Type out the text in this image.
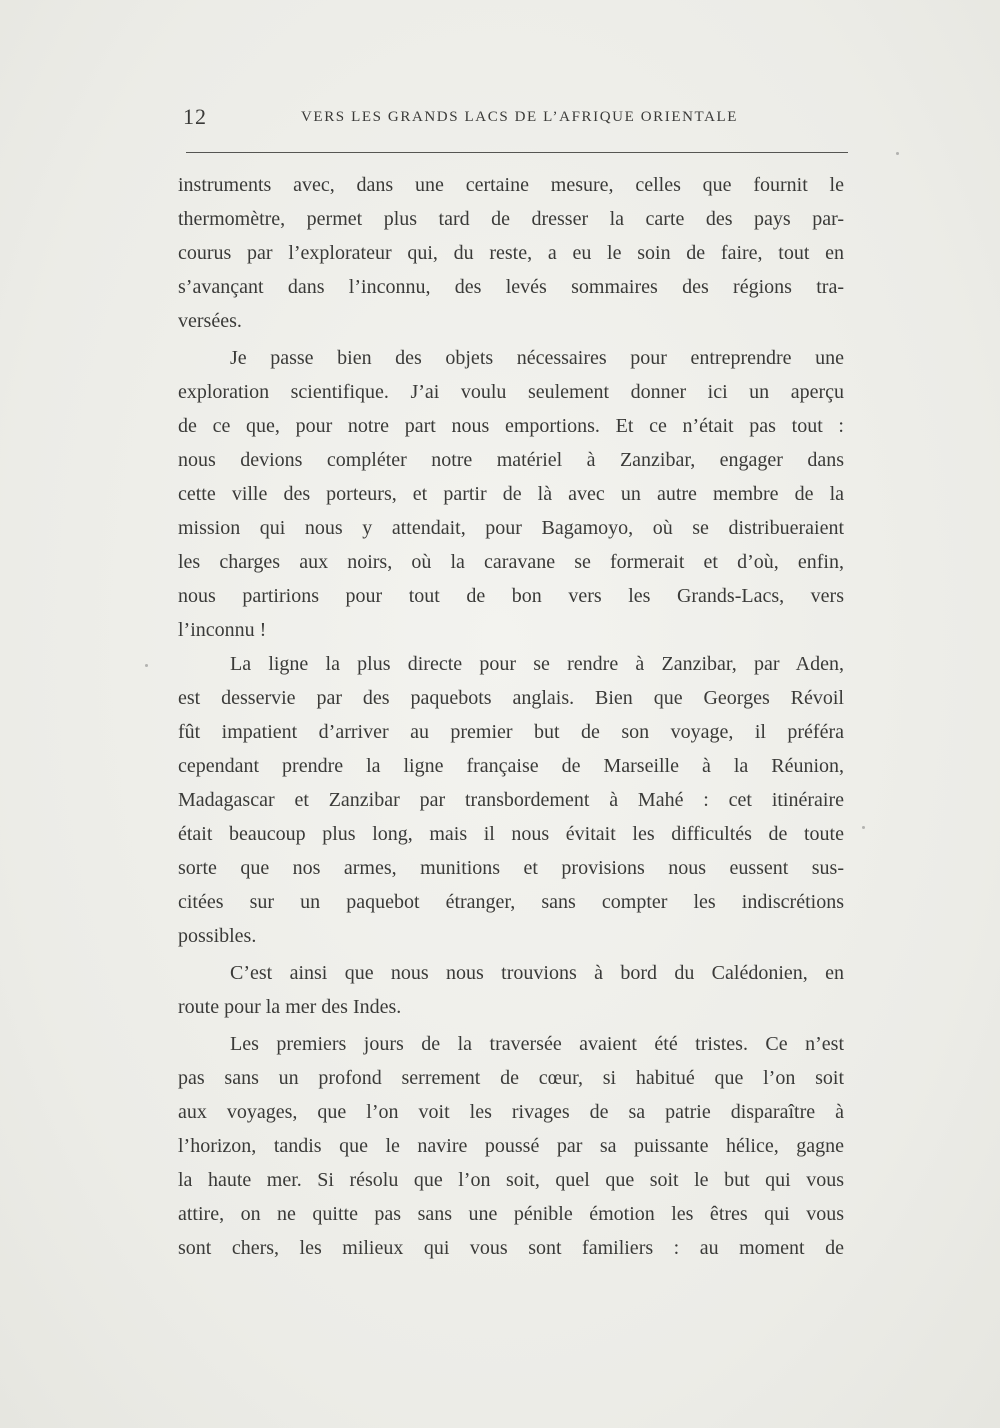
12	VERS LES GRANDS LACS DE L’AFRIQUE ORIENTALE
instruments avec, dans une certaine mesure, celles que fournit le
thermomètre, permet plus tard de dresser la carte des pays par-
courus par l’explorateur qui, du reste, a eu le soin de faire, tout en
s’avançant dans l’inconnu, des levés sommaires des régions tra-
versées.
Je passe bien des objets nécessaires pour entreprendre une
exploration scientifique. J’ai voulu seulement donner ici un aperçu
de ce que, pour notre part nous emportions. Et ce n’était pas tout :
nous devions compléter notre matériel à Zanzibar, engager dans
cette ville des porteurs, et partir de là avec un autre membre de la
mission qui nous y attendait, pour Bagamoyo, où se distribueraient
les charges aux noirs, où la caravane se formerait et d’où, enfin,
nous partirions pour tout de bon vers les Grands-Lacs, vers
l’inconnu !
La ligne la plus directe pour se rendre à Zanzibar, par Aden,
est desservie par des paquebots anglais. Bien que Georges Révoil
fût impatient d’arriver au premier but de son voyage, il préféra
cependant prendre la ligne française de Marseille à la Réunion,
Madagascar et Zanzibar par transbordement à Mahé : cet itinéraire
était beaucoup plus long, mais il nous évitait les difficultés de toute
sorte que nos armes, munitions et provisions nous eussent sus-
citées sur un paquebot étranger, sans compter les indiscrétions
possibles.
C’est ainsi que nous nous trouvions à bord du Calédonien, en
route pour la mer des Indes.
Les premiers jours de la traversée avaient été tristes. Ce n’est
pas sans un profond serrement de cœur, si habitué que l’on soit
aux voyages, que l’on voit les rivages de sa patrie disparaître à
l’horizon, tandis que le navire poussé par sa puissante hélice, gagne
la haute mer. Si résolu que l’on soit, quel que soit le but qui vous
attire, on ne quitte pas sans une pénible émotion les êtres qui vous
sont chers, les milieux qui vous sont familiers : au moment de
